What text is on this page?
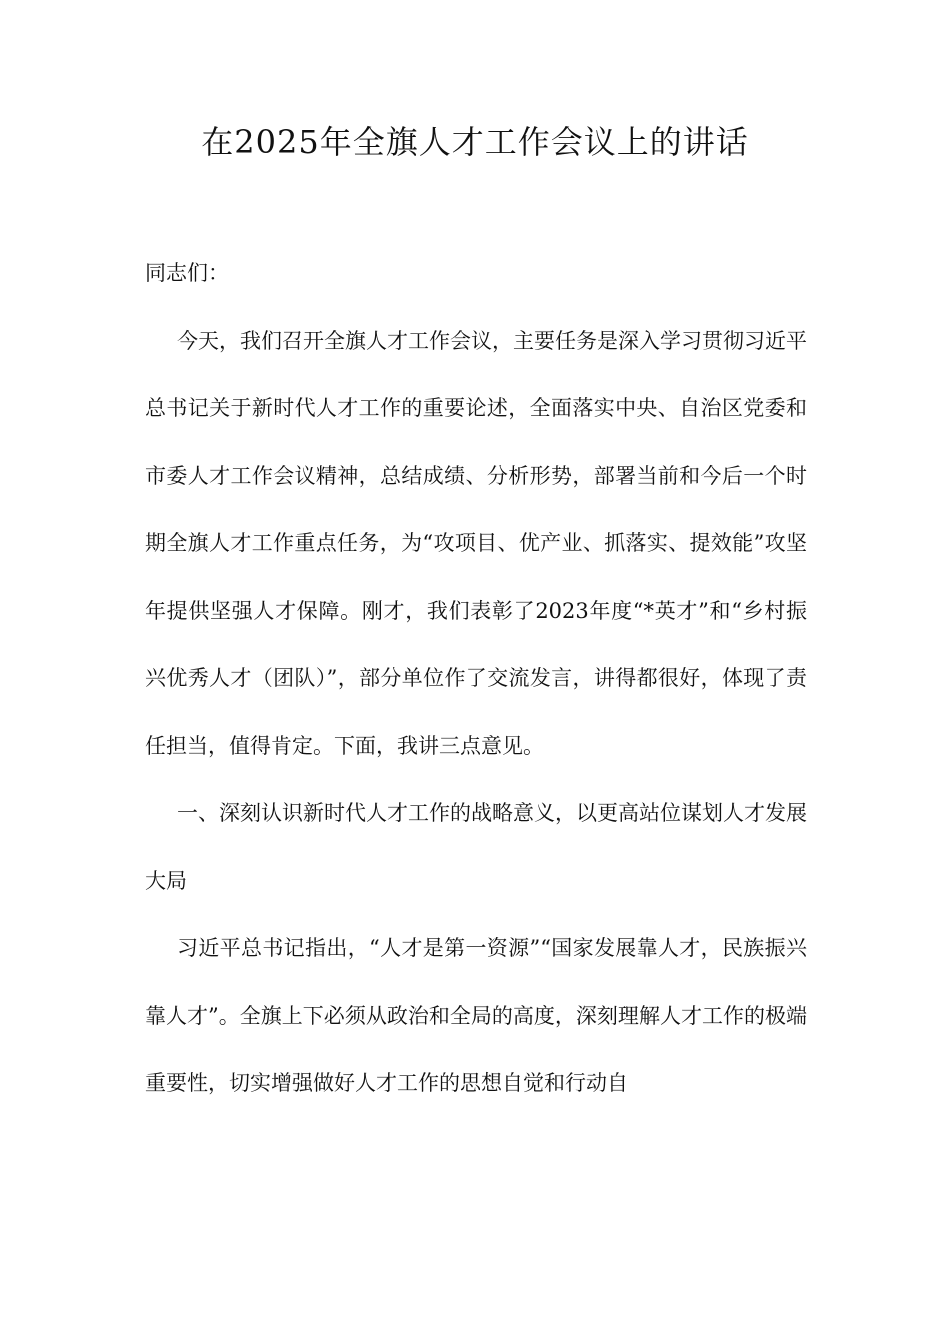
在2025年全旗人才工作会议上的讲话

同志们：

今天，我们召开全旗人才工作会议，主要任务是深入学习贯彻习近平总书记关于新时代人才工作的重要论述，全面落实中央、自治区党委和市委人才工作会议精神，总结成绩、分析形势，部署当前和今后一个时期全旗人才工作重点任务，为“攻项目、优产业、抓落实、提效能”攻坚年提供坚强人才保障。刚才，我们表彰了2023年度“*英才”和“乡村振兴优秀人才（团队）”，部分单位作了交流发言，讲得都很好，体现了责任担当，值得肯定。下面，我讲三点意见。

一、深刻认识新时代人才工作的战略意义，以更高站位谋划人才发展大局

习近平总书记指出，“人才是第一资源”“国家发展靠人才，民族振兴靠人才”。全旗上下必须从政治和全局的高度，深刻理解人才工作的极端重要性，切实增强做好人才工作的思想自觉和行动自
